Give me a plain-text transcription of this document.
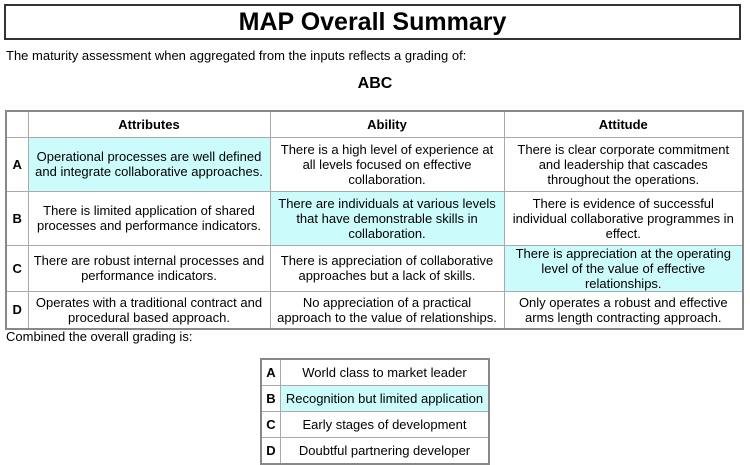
MAP Overall Summary
The maturity assessment when aggregated from the inputs reflects a grading of:
ABC
	Attributes	Ability	Attitude
A	Operational processes are well defined and integrate collaborative approaches.	There is a high level of experience at all levels focused on effective collaboration.	There is clear corporate commitment and leadership that cascades throughout the operations.
B	There is limited application of shared processes and performance indicators.	There are individuals at various levels that have demonstrable skills in collaboration.	There is evidence of successful individual collaborative programmes in effect.
C	There are robust internal processes and performance indicators.	There is appreciation of collaborative approaches but a lack of skills.	There is appreciation at the operating level of the value of effective relationships.
D	Operates with a traditional contract and procedural based approach.	No appreciation of a practical approach to the value of relationships.	Only operates a robust and effective arms length contracting approach.
Combined the overall grading is:
A	World class to market leader
B	Recognition but limited application
C	Early stages of development
D	Doubtful partnering developer
